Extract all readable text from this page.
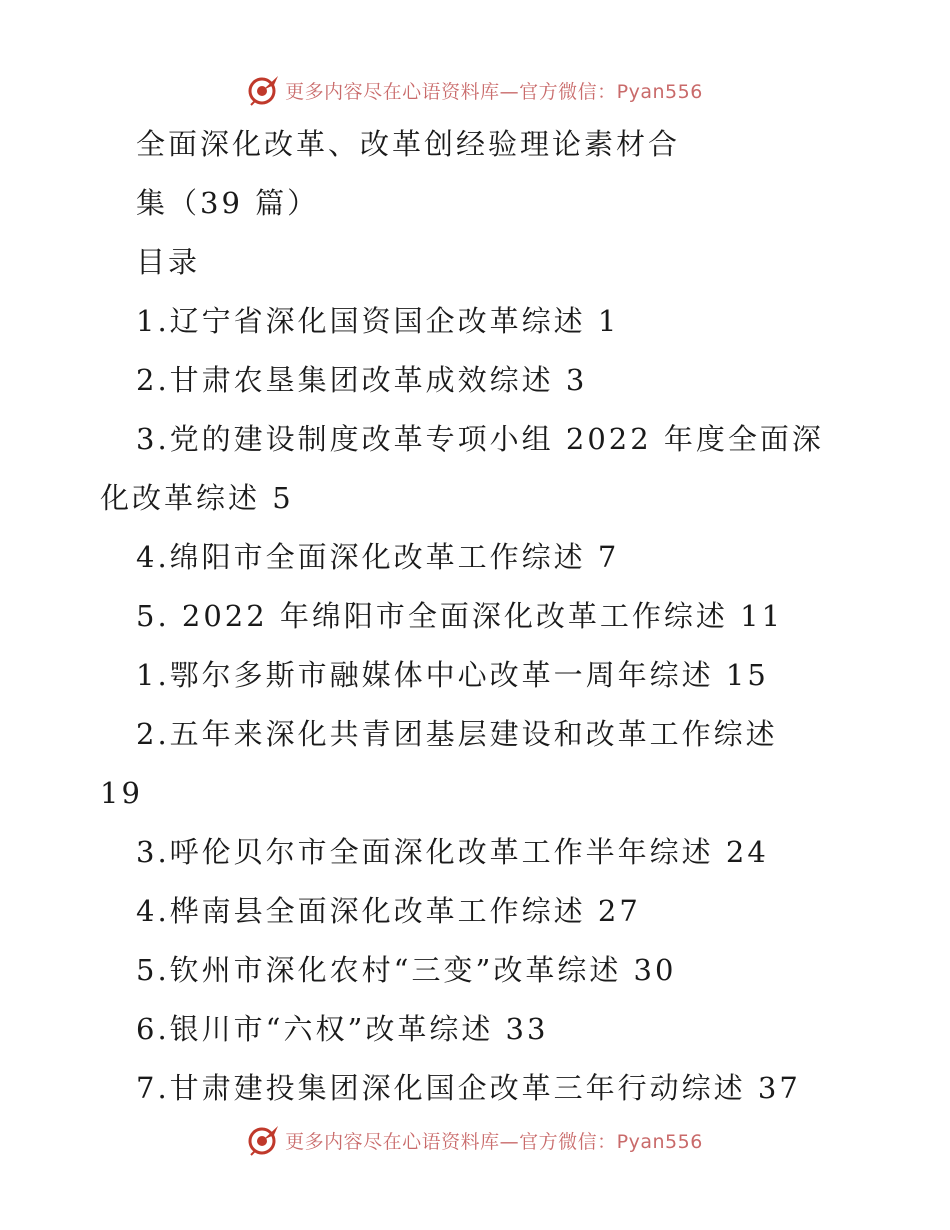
更多内容尽在心语资料库—官方微信：Pyan556
全面深化改革、改革创经验理论素材合
集（39 篇）
目录
1.辽宁省深化国资国企改革综述 1
2.甘肃农垦集团改革成效综述 3
3.党的建设制度改革专项小组 2022 年度全面深
化改革综述 5
4.绵阳市全面深化改革工作综述 7
5. 2022 年绵阳市全面深化改革工作综述 11
1.鄂尔多斯市融媒体中心改革一周年综述 15
2.五年来深化共青团基层建设和改革工作综述
19
3.呼伦贝尔市全面深化改革工作半年综述 24
4.桦南县全面深化改革工作综述 27
5.钦州市深化农村“三变”改革综述 30
6.银川市“六权”改革综述 33
7.甘肃建投集团深化国企改革三年行动综述 37
更多内容尽在心语资料库—官方微信：Pyan556
